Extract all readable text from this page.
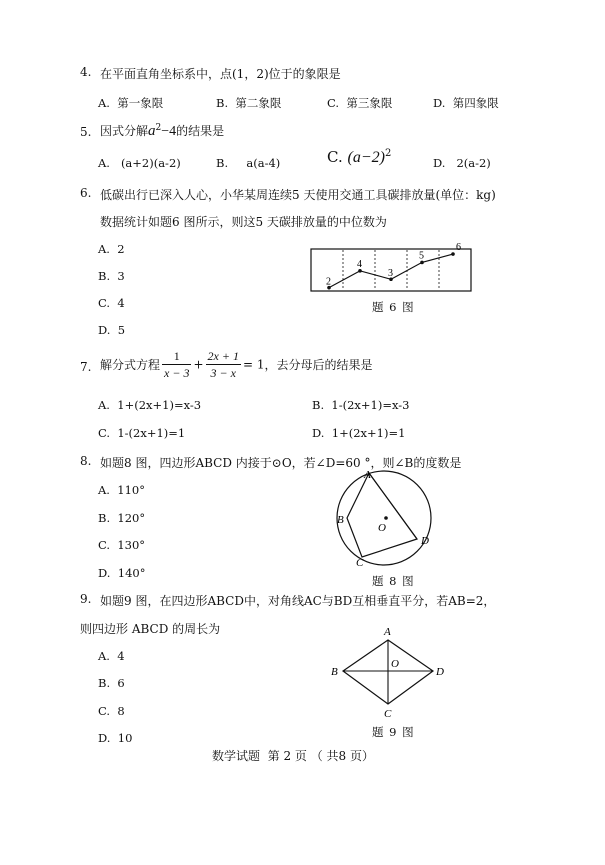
4. 在平面直角坐标系中，点(1，2)位于的象限是
A. 第一象限	B. 第二象限	C. 第三象限	D. 第四象限
5. 因式分解$a^2-4$的结果是
A. (a+2)(a-2)	B. a(a-4)	C. $(a-2)^2$
D. 2(a-2)
6. 低碳出行已深入人心，小华某周连续5 天使用交通工具碳排放量(单位：kg)
数据统计如题6 图所示，则这5 天碳排放量的中位数为
A. 2
B. 3
C. 4
D. 5
2
4
3
5
6
题 6 图
7. 解分式方程 $\frac{1}{x - 3} + \frac{2x + 1}{3 - x} = 1$，去分母后的结果是
A. 1+(2x+1)=x-3	B. 1-(2x+1)=x-3
C. 1-(2x+1)=1	D. 1+(2x+1)=1
8. 如题8 图，四边形ABCD 内接于⊙O，若∠D=60 °，则∠B的度数是
A. 110°
B. 120°
C. 130°
D. 140°
A
B
C
D
O
题 8 图
9. 如题9 图，在四边形ABCD中，对角线AC与BD互相垂直平分，若AB=2，
则四边形 ABCD 的周长为
A. 4
B. 6
C. 8
D. 10
A
B
C
D
O
题 9 图
数学试题  第 2 页 （ 共8 页）
